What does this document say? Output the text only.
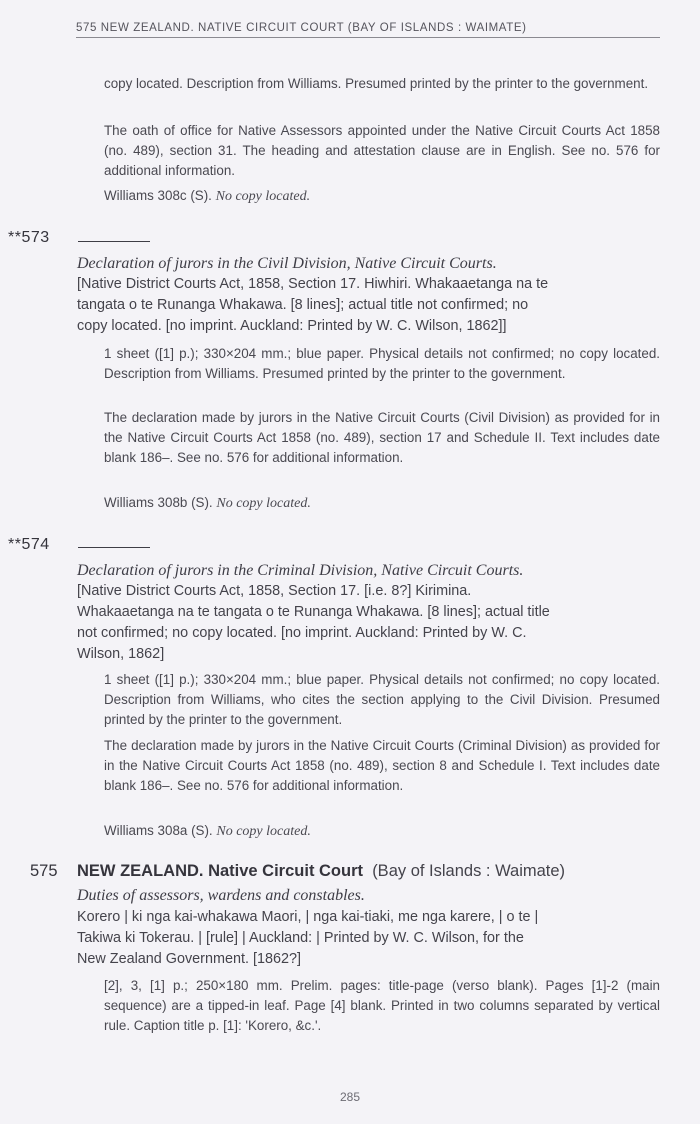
575 NEW ZEALAND. NATIVE CIRCUIT COURT (BAY OF ISLANDS : WAIMATE)
copy located. Description from Williams. Presumed printed by the printer to the government.
The oath of office for Native Assessors appointed under the Native Circuit Courts Act 1858 (no. 489), section 31. The heading and attestation clause are in English. See no. 576 for additional information.
Williams 308c (S). No copy located.
**573
Declaration of jurors in the Civil Division, Native Circuit Courts.
[Native District Courts Act, 1858, Section 17. Hiwhiri. Whakaaetanga na te
tangata o te Runanga Whakawa. [8 lines]; actual title not confirmed; no
copy located. [no imprint. Auckland: Printed by W. C. Wilson, 1862]]
1 sheet ([1] p.); 330×204 mm.; blue paper. Physical details not confirmed; no copy located. Description from Williams. Presumed printed by the printer to the government.
The declaration made by jurors in the Native Circuit Courts (Civil Division) as provided for in the Native Circuit Courts Act 1858 (no. 489), section 17 and Schedule II. Text includes date blank 186–. See no. 576 for additional information.
Williams 308b (S). No copy located.
**574
Declaration of jurors in the Criminal Division, Native Circuit Courts.
[Native District Courts Act, 1858, Section 17. [i.e. 8?] Kirimina.
Whakaaetanga na te tangata o te Runanga Whakawa. [8 lines]; actual title
not confirmed; no copy located. [no imprint. Auckland: Printed by W. C.
Wilson, 1862]
1 sheet ([1] p.); 330×204 mm.; blue paper. Physical details not confirmed; no copy located. Description from Williams, who cites the section applying to the Civil Division. Presumed printed by the printer to the government.
The declaration made by jurors in the Native Circuit Courts (Criminal Division) as provided for in the Native Circuit Courts Act 1858 (no. 489), section 8 and Schedule I. Text includes date blank 186–. See no. 576 for additional information.
Williams 308a (S). No copy located.
575 NEW ZEALAND. Native Circuit Court (Bay of Islands : Waimate)
Duties of assessors, wardens and constables.
Korero | ki nga kai-whakawa Maori, | nga kai-tiaki, me nga karere, | o te |
Takiwa ki Tokerau. | [rule] | Auckland: | Printed by W. C. Wilson, for the
New Zealand Government. [1862?]
[2], 3, [1] p.; 250×180 mm. Prelim. pages: title-page (verso blank). Pages [1]-2 (main sequence) are a tipped-in leaf. Page [4] blank. Printed in two columns separated by vertical rule. Caption title p. [1]: 'Korero, &c.'.
285
